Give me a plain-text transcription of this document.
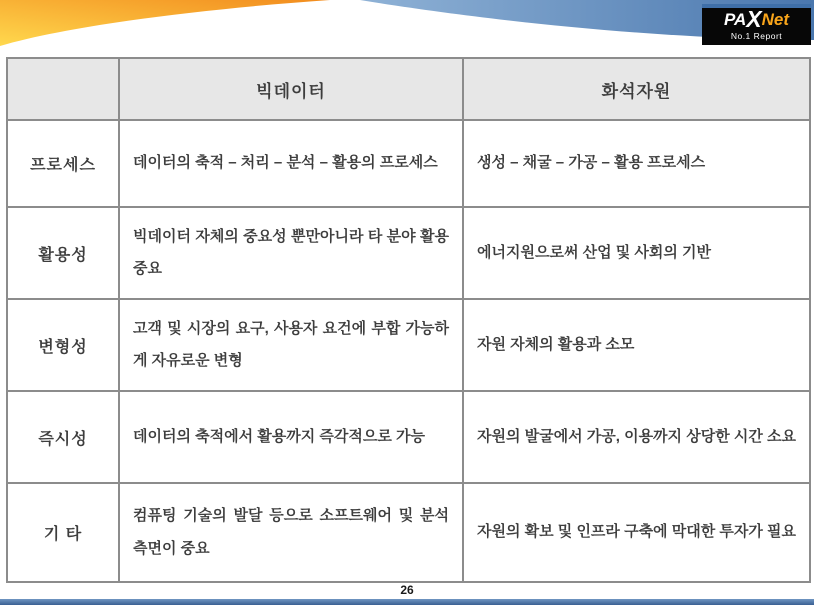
PAXNet
No.1 Report
	빅데이터	화석자원
프로세스	데이터의 축적 – 처리 – 분석 – 활용의 프로세스	생성 – 채굴 – 가공 – 활용 프로세스
활용성	빅데이터 자체의 중요성 뿐만아니라 타 분야 활용 중요	에너지원으로써 산업 및 사회의 기반
변형성	고객 및 시장의 요구, 사용자 요건에 부합 가능하게 자유로운 변형	자원 자체의 활용과 소모
즉시성	데이터의 축적에서 활용까지 즉각적으로 가능	자원의 발굴에서 가공, 이용까지 상당한 시간 소요
기 타	컴퓨팅 기술의 발달 등으로 소프트웨어 및 분석 측면이 중요	자원의 확보 및 인프라 구축에 막대한 투자가 필요
26
